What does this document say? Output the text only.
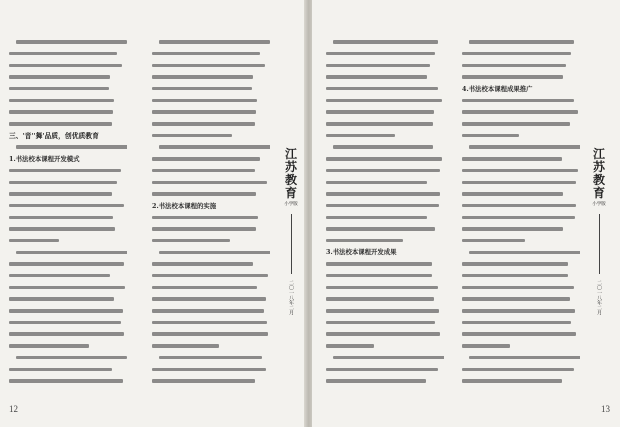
三、'音''舞'品质，创优质教育
1.书法校本课程开发模式
2.书法校本课程的实施
12
江苏教育
小学版
二〇一八年二月
3.书法校本课程开发成果
4.书法校本课程成果推广
13
江苏教育
小学版
二〇一八年二月
